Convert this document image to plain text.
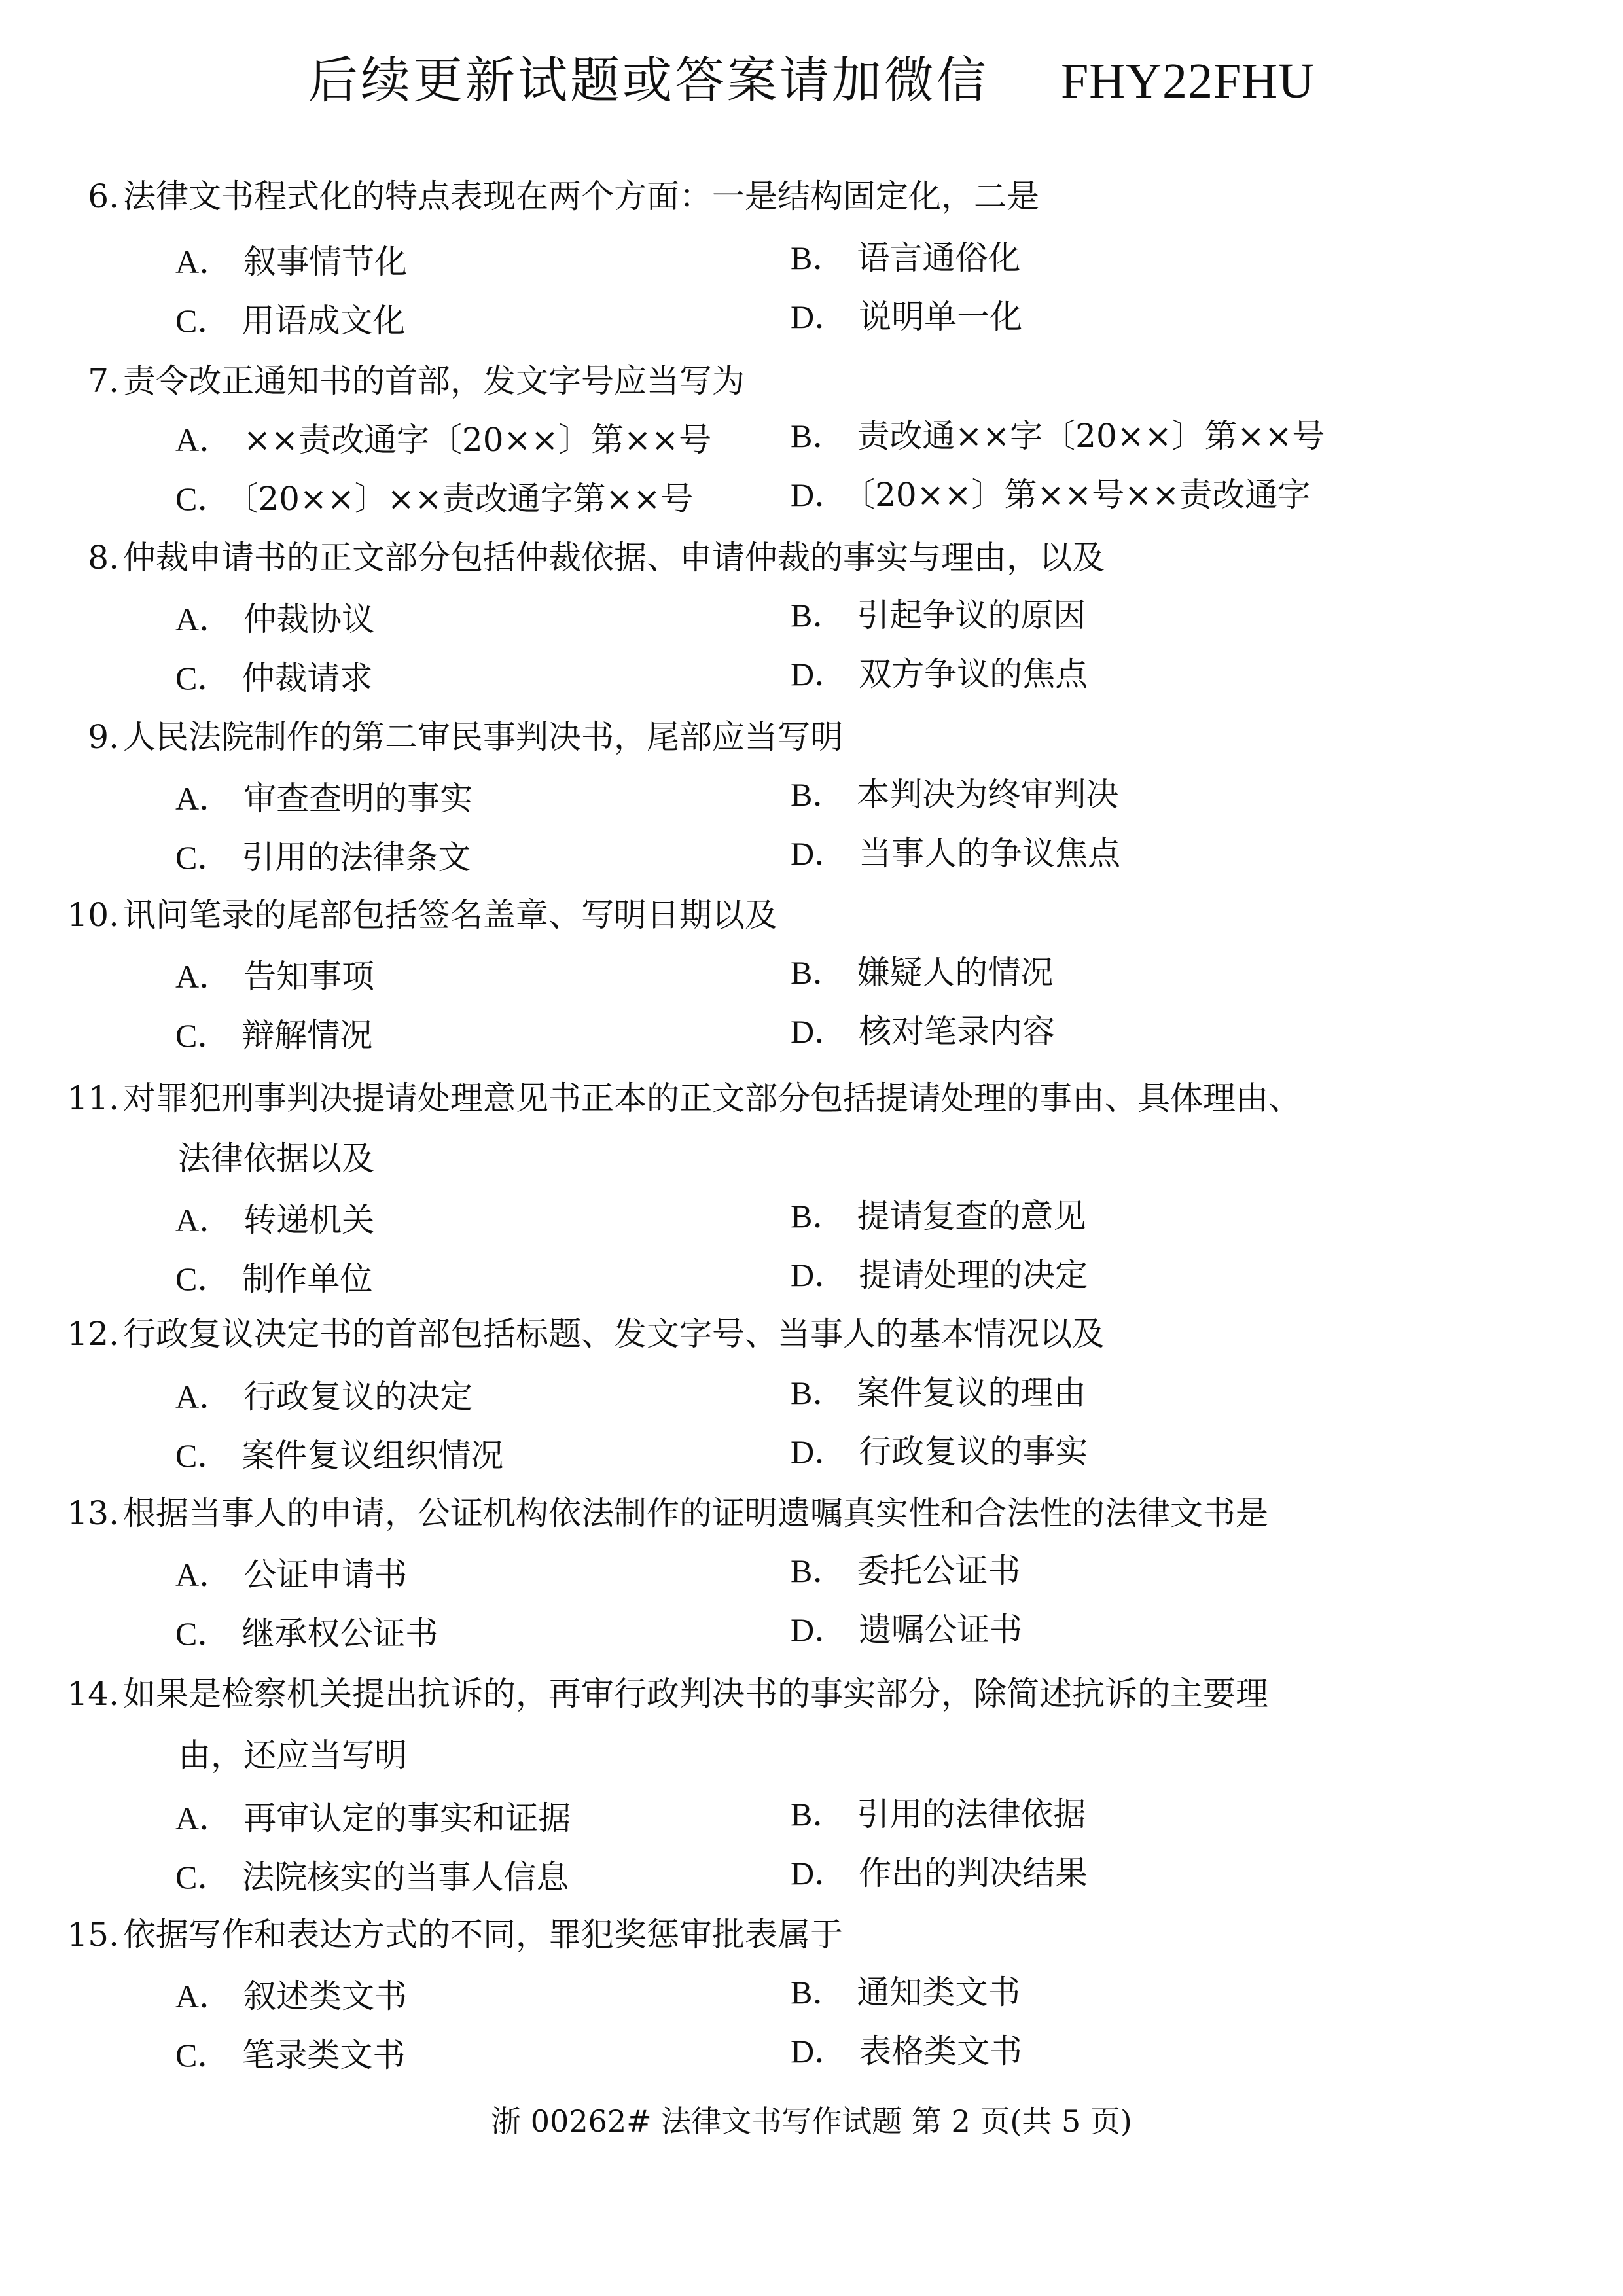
后续更新试题或答案请加微信 FHY22FHU
6. 法律文书程式化的特点表现在两个方面：一是结构固定化，二是
A． 叙事情节化	B． 语言通俗化
C． 用语成文化	D． 说明单一化
7. 责令改正通知书的首部，发文字号应当写为
A． ××责改通字〔20××〕第××号 B． 责改通××字〔20××〕第××号
C． 〔20××〕××责改通字第××号	D． 〔20××〕第××号××责改通字
8. 仲裁申请书的正文部分包括仲裁依据、申请仲裁的事实与理由，以及
A． 仲裁协议	B． 引起争议的原因
C． 仲裁请求	D． 双方争议的焦点
9. 人民法院制作的第二审民事判决书，尾部应当写明
A． 审查查明的事实	B． 本判决为终审判决
C． 引用的法律条文	D． 当事人的争议焦点
10. 讯问笔录的尾部包括签名盖章、写明日期以及
A． 告知事项	B． 嫌疑人的情况
C． 辩解情况	D． 核对笔录内容
11. 对罪犯刑事判决提请处理意见书正本的正文部分包括提请处理的事由、具体理由、
法律依据以及
A． 转递机关	B． 提请复查的意见
C． 制作单位	D． 提请处理的决定
12. 行政复议决定书的首部包括标题、发文字号、当事人的基本情况以及
A． 行政复议的决定	B． 案件复议的理由
C． 案件复议组织情况	D． 行政复议的事实
13. 根据当事人的申请，公证机构依法制作的证明遗嘱真实性和合法性的法律文书是
A． 公证申请书	B． 委托公证书
C． 继承权公证书	D． 遗嘱公证书
14. 如果是检察机关提出抗诉的，再审行政判决书的事实部分，除简述抗诉的主要理
由，还应当写明
A． 再审认定的事实和证据	B． 引用的法律依据
C． 法院核实的当事人信息	D． 作出的判决结果
15. 依据写作和表达方式的不同，罪犯奖惩审批表属于
A． 叙述类文书	B． 通知类文书
C． 笔录类文书	D． 表格类文书
浙 00262# 法律文书写作试题 第 2 页(共 5 页)
